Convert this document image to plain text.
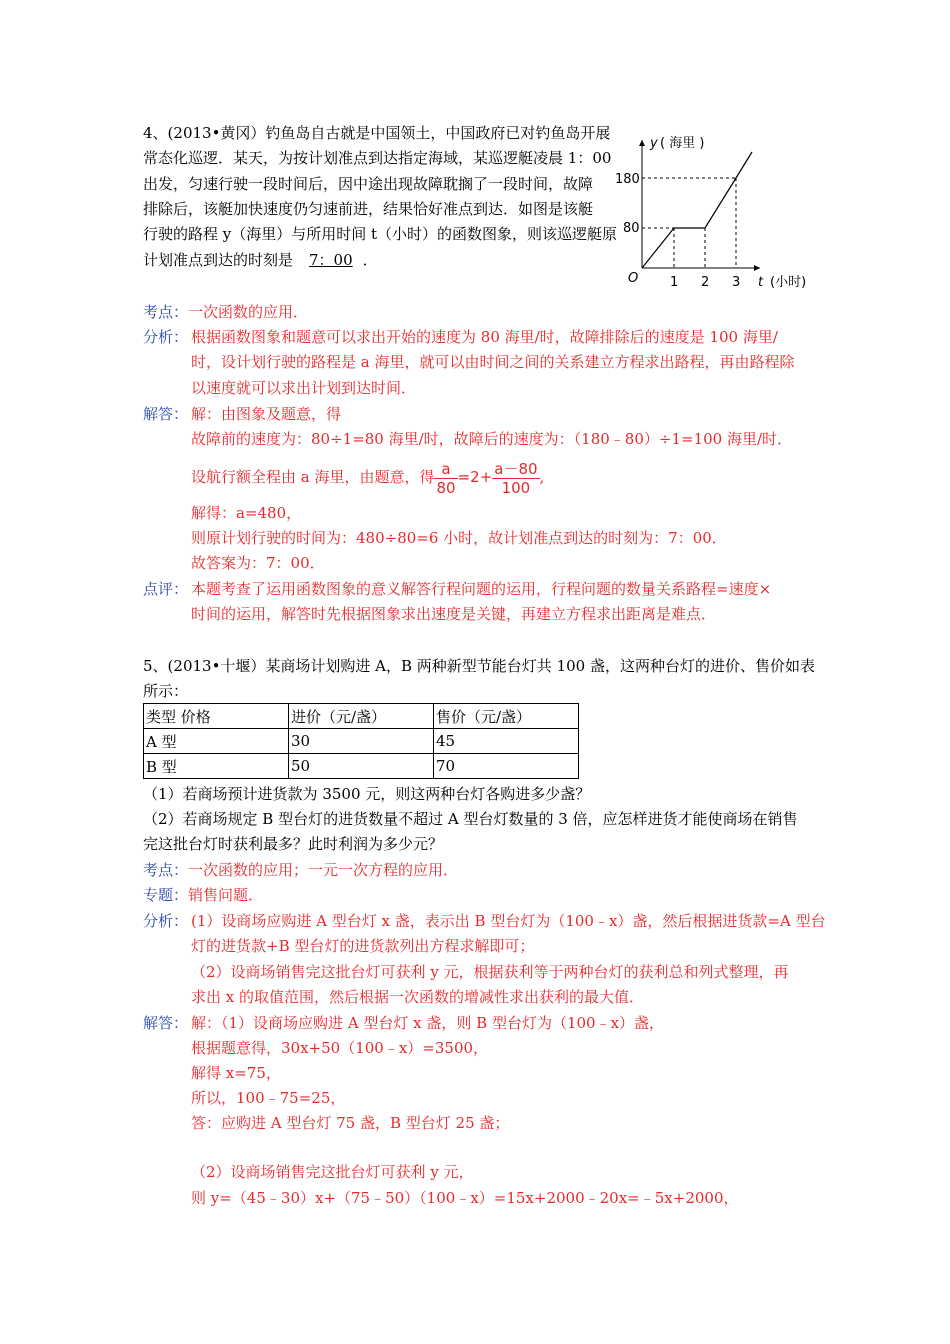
4、(2013•黄冈）钓鱼岛自古就是中国领土，中国政府已对钓鱼岛开展
常态化巡逻．某天，为按计划准点到达指定海域，某巡逻艇凌晨 1：00
出发，匀速行驶一段时间后，因中途出现故障耽搁了一段时间，故障
排除后，该艇加快速度仍匀速前进，结果恰好准点到达．如图是该艇
行驶的路程 y（海里）与所用时间 t（小时）的函数图象，则该巡逻艇原
计划准点到达的时刻是 7：00 ．
y ( 海里 )
180
80
O 1 2 3 t (小时)
考点：一次函数的应用．
分析： 根据函数图象和题意可以求出开始的速度为 80 海里/时，故障排除后的速度是 100 海里/
时，设计划行驶的路程是 a 海里，就可以由时间之间的关系建立方程求出路程，再由路程除
以速度就可以求出计划到达时间．
解答： 解：由图象及题意，得
故障前的速度为：80÷1=80 海里/时，故障后的速度为：（180﹣80）÷1=100 海里/时．
设航行额全程由 a 海里，由题意，得 $\frac{a}{80} =2+ \frac{a-80}{100}$ ,
解得：a=480，
则原计划行驶的时间为：480÷80=6 小时，故计划准点到达的时刻为：7：00．
故答案为：7：00．
点评： 本题考查了运用函数图象的意义解答行程问题的运用，行程问题的数量关系路程=速度×
时间的运用，解答时先根据图象求出速度是关键，再建立方程求出距离是难点．
5、(2013•十堰）某商场计划购进 A，B 两种新型节能台灯共 100 盏，这两种台灯的进价、售价如表
所示：
类型 价格	进价（元/盏）	售价（元/盏）
A 型	30	45
B 型	50	70
（1）若商场预计进货款为 3500 元，则这两种台灯各购进多少盏？
（2）若商场规定 B 型台灯的进货数量不超过 A 型台灯数量的 3 倍，应怎样进货才能使商场在销售
完这批台灯时获利最多？此时利润为多少元？
考点：一次函数的应用；一元一次方程的应用．
专题：销售问题．
分析： (1）设商场应购进 A 型台灯 x 盏，表示出 B 型台灯为（100﹣x）盏，然后根据进货款=A 型台
灯的进货款+B 型台灯的进货款列出方程求解即可；
（2）设商场销售完这批台灯可获利 y 元，根据获利等于两种台灯的获利总和列式整理，再
求出 x 的取值范围，然后根据一次函数的增减性求出获利的最大值．
解答： 解：（1）设商场应购进 A 型台灯 x 盏，则 B 型台灯为（100﹣x）盏，
根据题意得，30x+50（100﹣x）=3500，
解得 x=75，
所以，100﹣75=25，
答：应购进 A 型台灯 75 盏，B 型台灯 25 盏；
（2）设商场销售完这批台灯可获利 y 元，
则 y=（45﹣30）x+（75﹣50）（100﹣x）=15x+2000﹣20x=﹣5x+2000，
